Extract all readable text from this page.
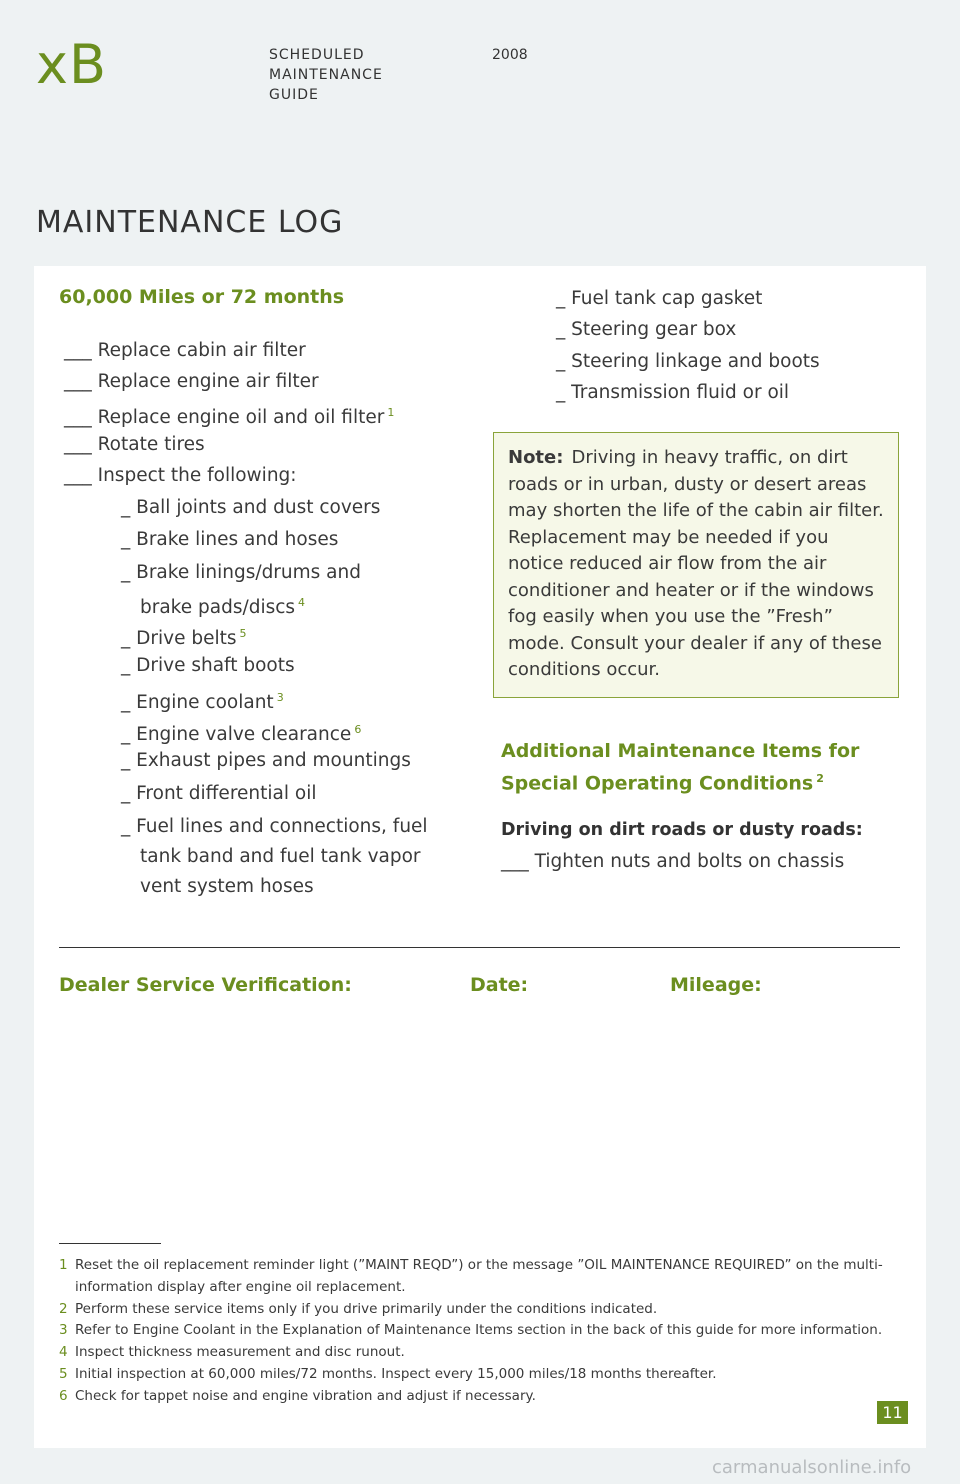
xB	SCHEDULED
MAINTENANCE
GUIDE
2008
MAINTENANCE LOG
60,000 Miles or 72 months
___ Replace cabin air filter
___ Replace engine air filter
___ Replace engine oil and oil filter $^1$
___ Rotate tires
___ Inspect the following:
_ Ball joints and dust covers
_ Brake lines and hoses
_ Brake linings/drums and
brake pads/discs $^4$
_ Drive belts $^5$
_ Drive shaft boots
_ Engine coolant $^3$
_ Engine valve clearance $^6$
_ Exhaust pipes and mountings
_ Front differential oil
_ Fuel lines and connections, fuel
tank band and fuel tank vapor
vent system hoses
_ Fuel tank cap gasket
_ Steering gear box
_ Steering linkage and boots
_ Transmission fluid or oil
Note: Driving in heavy traffic, on dirt roads or in urban, dusty or desert areas may shorten the life of the cabin air filter. Replacement may be needed if you notice reduced air flow from the air conditioner and heater or if the windows fog easily when you use the ”Fresh” mode. Consult your dealer if any of these conditions occur.
Additional Maintenance Items for Special Operating Conditions $^2$
Driving on dirt roads or dusty roads:
___ Tighten nuts and bolts on chassis
Dealer Service Verification:	Date:	Mileage:
1 Reset the oil replacement reminder light (”MAINT REQD”) or the message ”OIL MAINTENANCE REQUIRED” on the multi-information display after engine oil replacement.
2 Perform these service items only if you drive primarily under the conditions indicated.
3 Refer to Engine Coolant in the Explanation of Maintenance Items section in the back of this guide for more information.
4 Inspect thickness measurement and disc runout.
5 Initial inspection at 60,000 miles/72 months. Inspect every 15,000 miles/18 months thereafter.
6 Check for tappet noise and engine vibration and adjust if necessary.
11
carmanualsonline.info
